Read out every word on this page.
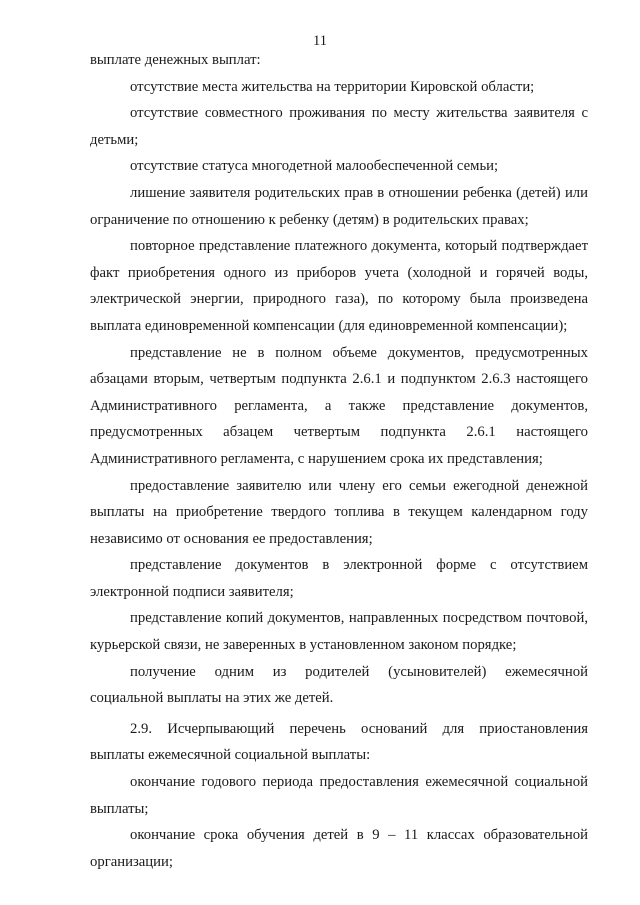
11

выплате денежных выплат:

отсутствие места жительства на территории Кировской области;

отсутствие совместного проживания по месту жительства заявителя с детьми;

отсутствие статуса многодетной малообеспеченной семьи;

лишение заявителя родительских прав в отношении ребенка (детей) или ограничение по отношению к ребенку (детям) в родительских правах;

повторное представление платежного документа, который подтверждает факт приобретения одного из приборов учета (холодной и горячей воды, электрической энергии, природного газа), по которому была произведена выплата единовременной компенсации (для единовременной компенсации);

представление не в полном объеме документов, предусмотренных абзацами вторым, четвертым подпункта 2.6.1 и подпунктом 2.6.3 настоящего Административного регламента, а также представление документов, предусмотренных абзацем четвертым подпункта 2.6.1 настоящего Административного регламента, с нарушением срока их представления;

предоставление заявителю или члену его семьи ежегодной денежной выплаты на приобретение твердого топлива в текущем календарном году независимо от основания ее предоставления;

представление документов в электронной форме с отсутствием электронной подписи заявителя;

представление копий документов, направленных посредством почтовой, курьерской связи, не заверенных в установленном законом порядке;

получение одним из родителей (усыновителей) ежемесячной социальной выплаты на этих же детей.

2.9. Исчерпывающий перечень оснований для приостановления выплаты ежемесячной социальной выплаты:

окончание годового периода предоставления ежемесячной социальной выплаты;

окончание срока обучения детей в 9 – 11 классах образовательной организации;
